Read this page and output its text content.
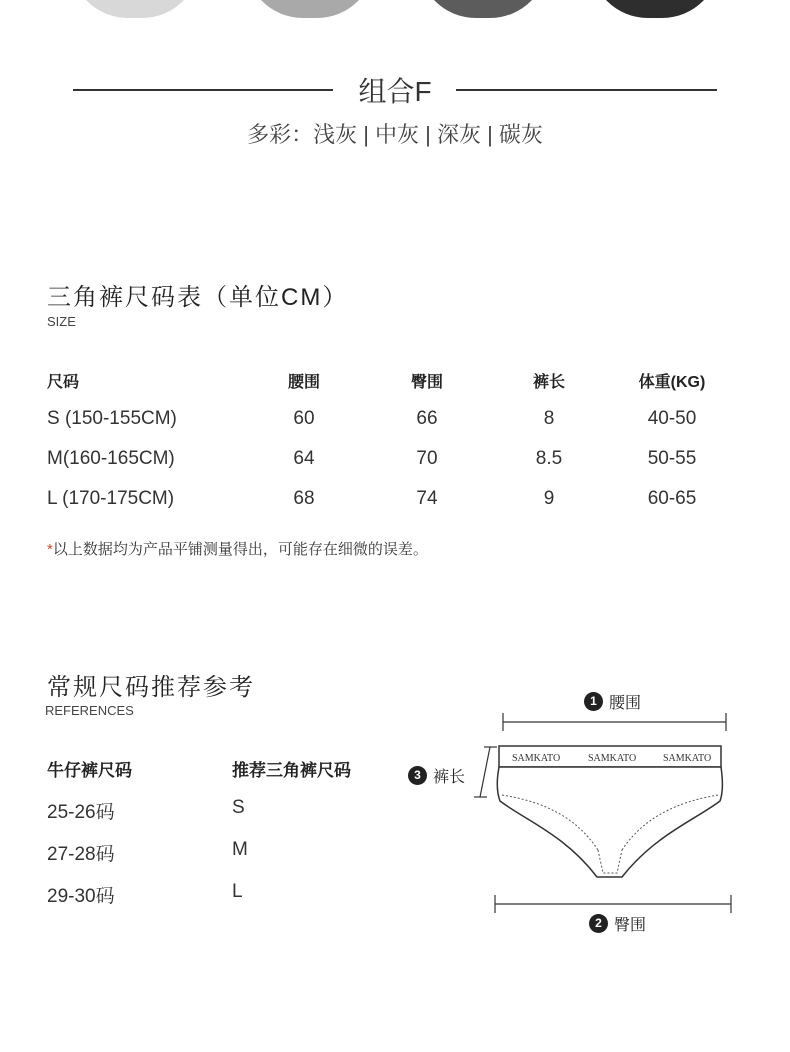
组合F
多彩：浅灰 | 中灰 | 深灰 | 碳灰
三角裤尺码表（单位CM）
SIZE
尺码	腰围	臀围	裤长	体重(KG)
S (150-155CM)	60	66	8	40-50
M(160-165CM)	64	70	8.5	50-55
L (170-175CM)	68	74	9	60-65
*以上数据均为产品平铺测量得出，可能存在细微的误差。
常规尺码推荐参考
REFERENCES
牛仔裤尺码	推荐三角裤尺码
25-26码	S
27-28码	M
29-30码	L
1 腰围
3 裤长
2 臀围
SAMKATO	SAMKATO	SAMKATO
